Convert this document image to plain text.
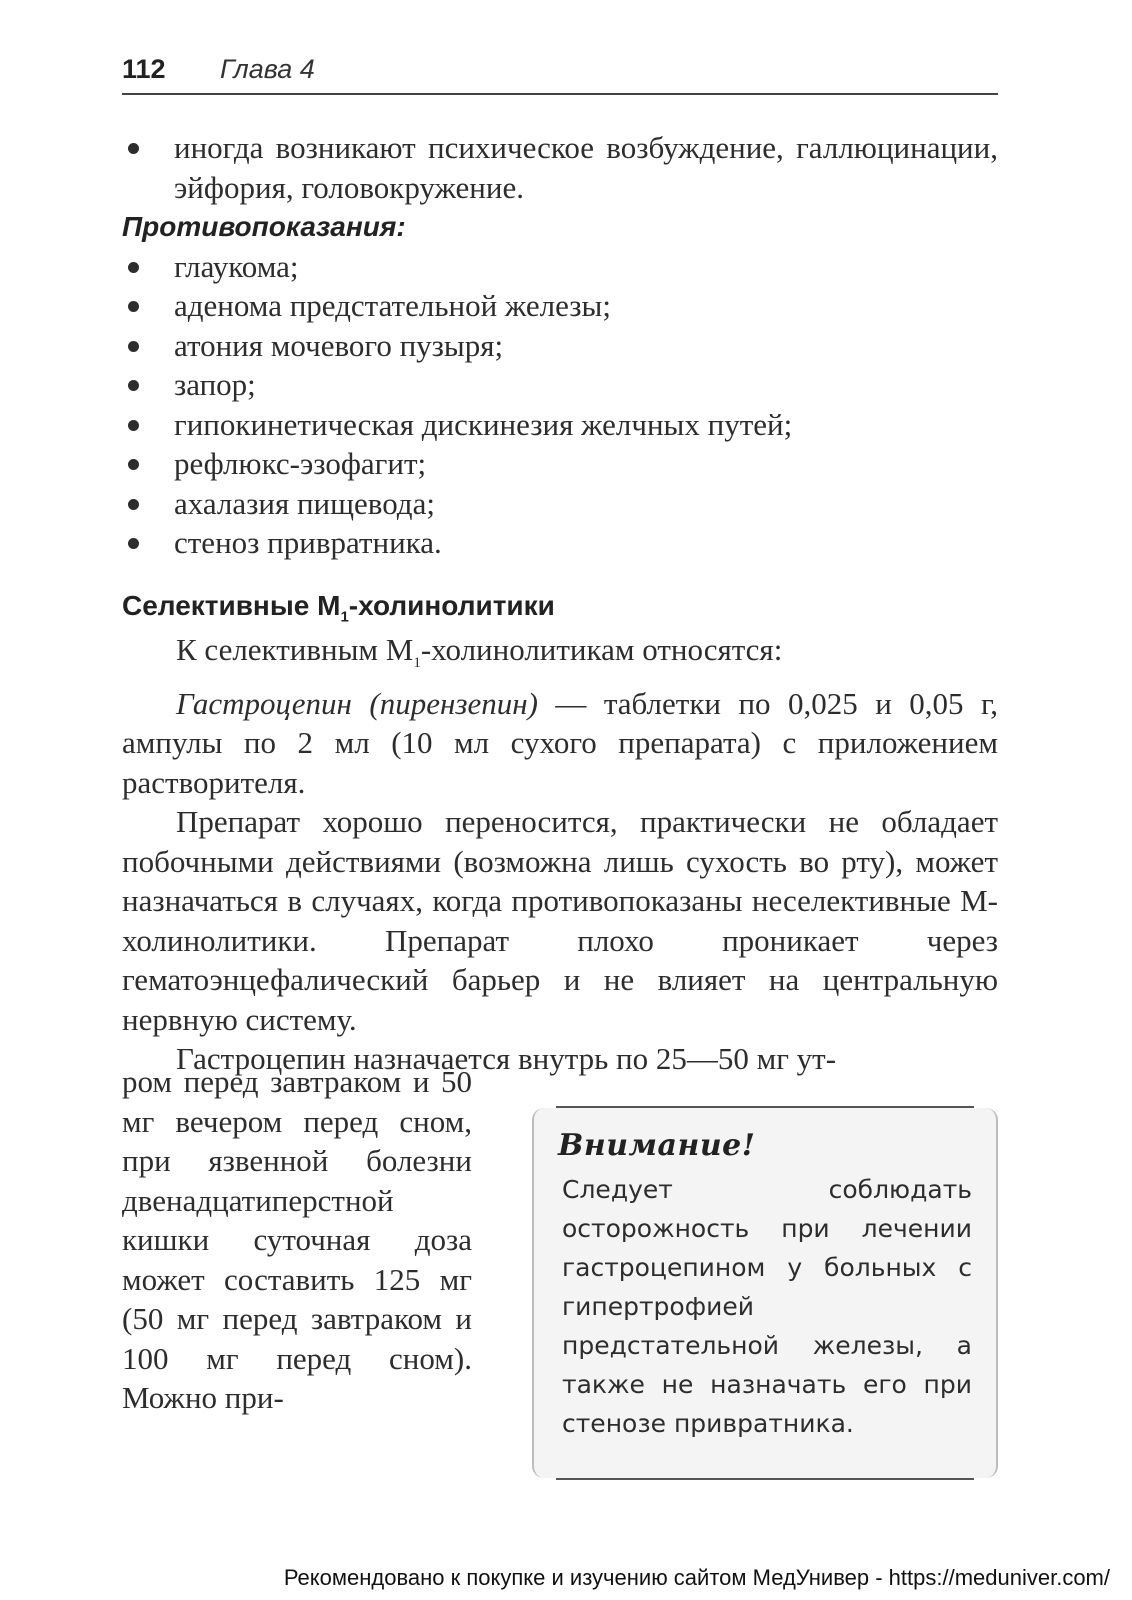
112 Глава 4
иногда возникают психическое возбуждение, галлюцинации, эйфория, головокружение.
Противопоказания:
глаукома;
аденома предстательной железы;
атония мочевого пузыря;
запор;
гипокинетическая дискинезия желчных путей;
рефлюкс-эзофагит;
ахалазия пищевода;
стеноз привратника.
Селективные $М_1$-холинолитики

К селективным $М_1$-холинолитикам относятся:

Гастроцепин (пирензепин) — таблетки по 0,025 и 0,05 г, ампулы по 2 мл (10 мл сухого препарата) с приложением растворителя.

Препарат хорошо переносится, практически не обладает побочными действиями (возможна лишь сухость во рту), может назначаться в случаях, когда противопоказаны неселективные М-холинолитики. Препарат плохо проникает через гематоэнцефалический барьер и не влияет на центральную нервную систему.

Гастроцепин назначается внутрь по 25—50 мг ут-

ром перед завтраком и 50 мг вечером перед сном, при язвенной болезни двенадцатиперстной кишки суточная доза может составить 125 мг (50 мг перед завтраком и 100 мг перед сном). Можно при-
Внимание!
Следует соблюдать осторожность при лечении гастроцепином у больных с гипертрофией предстательной железы, а также не назначать его при стенозе привратника.
Рекомендовано к покупке и изучению сайтом МедУнивер - https://meduniver.com/
